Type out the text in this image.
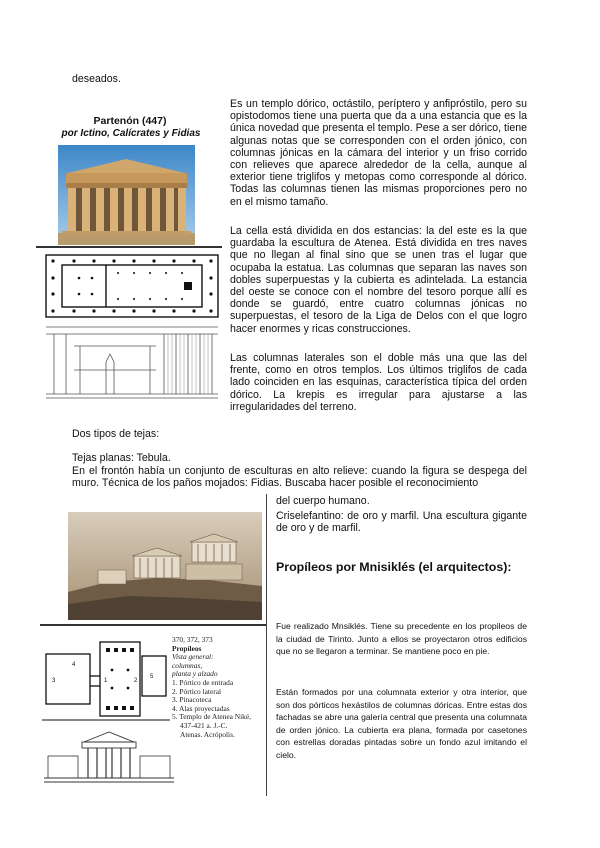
deseados.
Partenón (447)
por Ictino, Calícrates y Fidias
Es un templo dórico, octástilo, períptero y anfipróstilo, pero su opistodomos tiene una puerta que da a una estancia que es la única novedad que presenta el templo. Pese a ser dórico, tiene algunas notas que se corresponden con el orden jónico, con columnas jónicas en la cámara del interior y un friso corrido con relieves que aparece alrededor de la cella, aunque al exterior tiene triglifos y metopas como corresponde al dórico. Todas las columnas tienen las mismas proporciones pero no en el mismo tamaño.
La cella está dividida en dos estancias: la del este es la que guardaba la escultura de Atenea. Está dividida en tres naves que no llegan al final sino que se unen tras el lugar que ocupaba la estatua. Las columnas que separan las naves son dobles superpuestas y la cubierta es adintelada. La estancia del oeste se conoce con el nombre del tesoro porque allí es donde se guardó, entre cuatro columnas jónicas no superpuestas, el tesoro de la Liga de Delos con el que logro hacer enormes y ricas construcciones.
Las columnas laterales son el doble más una que las del frente, como en otros templos. Los últimos triglifos de cada lado coinciden en las esquinas, característica típica del orden dórico. La krepis es irregular para ajustarse a las irregularidades del terreno.
Dos tipos de tejas:
Tejas planas: Tebula.
En el frontón había un conjunto de esculturas en alto relieve: cuando la figura se despega del muro. Técnica de los paños mojados: Fidias. Buscaba hacer posible el reconocimiento
del cuerpo humano.
Criselefantino: de oro y marfil. Una escultura gigante de oro y de marfil.
3	1	2
5
4
370, 372, 373
Propíleos
Vista general:
columnas,
planta y alzado
1. Pórtico de entrada
2. Pórtico lateral
3. Pinacoteca
4. Alas proyectadas
5. Templo de Atenea Niké,
437-421 a. J.-C.
Atenas. Acrópolis.
Propíleos por Mnisiklés (el arquitectos):
Fue realizado Mnsiklés. Tiene su precedente en los propileos de la ciudad de Tirinto. Junto a ellos se proyectaron otros edificios que no se llegaron a terminar. Se mantiene poco en pie.
Están formados por una columnata exterior y otra interior, que son dos pórticos hexástilos de columnas dóricas. Entre estas dos fachadas se abre una galería central que presenta una columnata de orden jónico. La cubierta era plana, formada por casetones con estrellas doradas pintadas sobre un fondo azul imitando el cielo.
